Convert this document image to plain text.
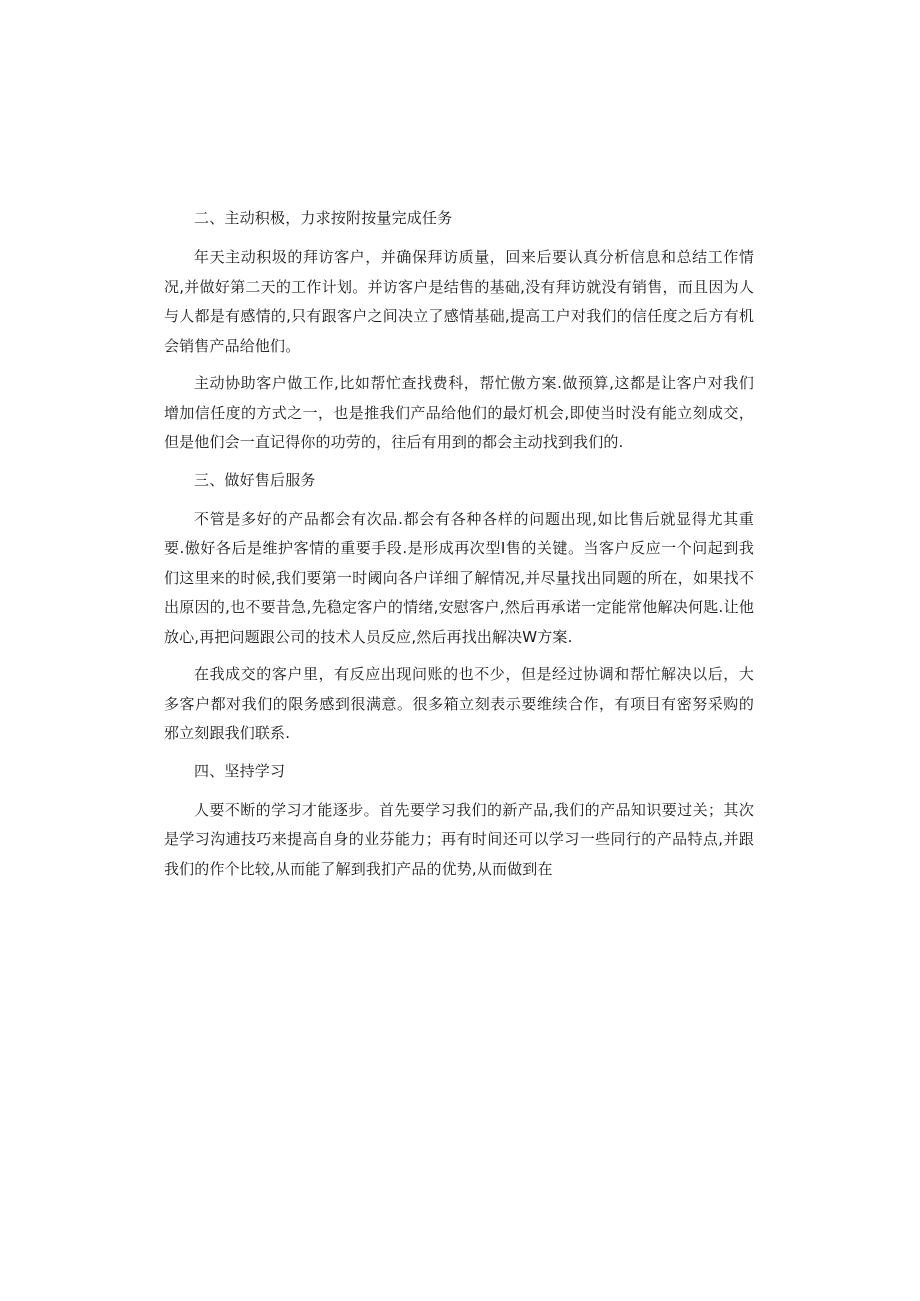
二、主动积极，力求按附按量完成任务

年天主动积圾的拜访客户，并确保拜访质量，回来后要认真分析信息和总结工作情况,并做好第二天的工作计划。并访客户是结售的基础,没有拜访就没有销售，而且因为人与人都是有感情的,只有跟客户之间决立了感情基础,提高工户对我们的信任度之后方有机会销售产品给他们。

主动协助客户做工作,比如帮忙查找费科，帮忙傲方案.做预算,这都是让客户对我们增加信任度的方式之一，也是推我们产品给他们的最灯机会,即使当时没有能立刻成交，但是他们会一直记得你的功劳的，往后有用到的都会主动找到我们的.

三、做好售后服务

不管是多好的产品都会有次品.都会有各种各样的问题出现,如比售后就显得尤其重要.傲好各后是维护客情的重要手段.是形成再次型I售的关键。当客户反应一个问起到我们这里来的时候,我们要第一时阈向各户详细了解情况,并尽量找出同题的所在，如果找不出原因的,也不要昔急,先稳定客户的情绪,安慰客户,然后再承诺一定能常他解决何匙.让他放心,再把问题跟公司的技术人员反应,然后再找出解决W方案.

在我成交的客户里，有反应出现问账的也不少，但是经过协调和帮忙解决以后，大多客户都对我们的限务感到很满意。很多箱立刻表示要维续合作，有项目有密努采购的邪立刻跟我们联系.

四、坚持学习

人要不断的学习才能逐步。首先要学习我们的新产品,我们的产品知识要过关；其次是学习沟逋技巧来提高自身的业芬能力；再有时间还可以学习一些同行的产品特点,并跟我们的作个比较,从而能了解到我扪产品的优势,从而做到在
